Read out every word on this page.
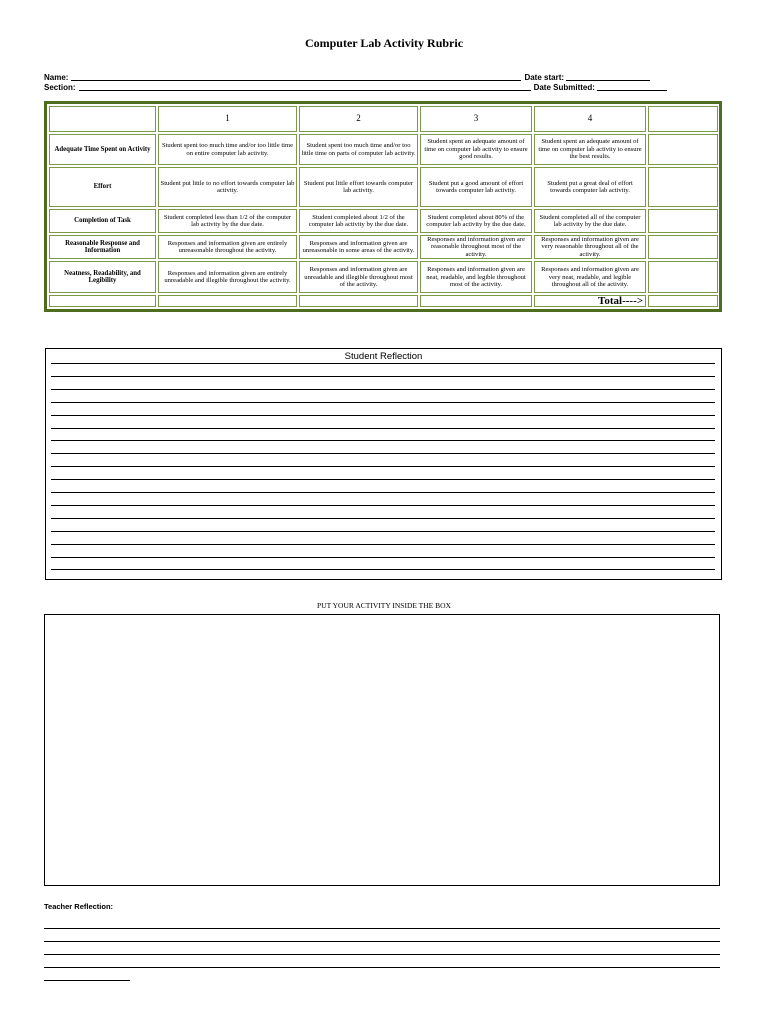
Computer Lab Activity Rubric
Name:	Date start:
Section:	Date Submitted:
	1	2	3	4	
Adequate Time Spent on Activity	Student spent too much time and/or too little time on entire computer lab activity.	Student spent too much time and/or too little time on parts of computer lab activity.	Student spent an adequate amount of time on computer lab activity to ensure good results.	Student spent an adequate amount of time on computer lab activity to ensure the best results.	
Effort	Student put little to no effort towards computer lab activity.	Student put little effort towards computer lab activity.	Student put a good amount of effort towards computer lab activity.	Student put a great deal of effort towards computer lab activity.	
Completion of Task	Student completed less than 1/2 of the computer lab activity by the due date.	Student completed about 1/2 of the computer lab activity by the due date.	Student completed about 80% of the computer lab activity by the due date.	Student completed all of the computer lab activity by the due date.	
Reasonable Response and Information	Responses and information given are entirely unreasonable throughout the activity.	Responses and information given are unreasonable in some areas of the activity.	Responses and information given are reasonable throughout most of the activity.	Responses and information given are very reasonable throughout all of the activity.	
Neatness, Readability, and Legibility	Responses and information given are entirely unreadable and illegible throughout the activity.	Responses and information given are unreadable and illegible throughout most of the activity.	Responses and information given are neat, readable, and legible throughout most of the activity.	Responses and information given are very neat, readable, and legible throughout all of the activity.	
				Total---->	
Student Reflection
PUT YOUR ACTIVITY INSIDE THE BOX
Teacher Reflection:
